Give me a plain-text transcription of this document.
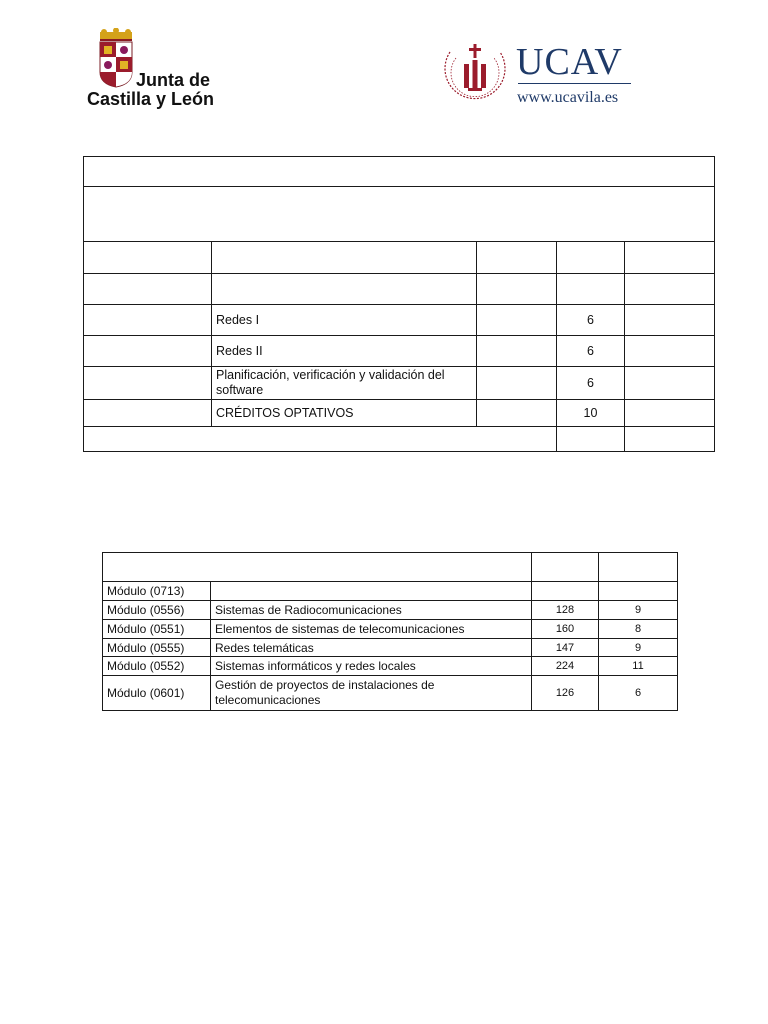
Junta de
Castilla y León
UCAV
www.ucavila.es

	Redes I		6	
	Redes II		6	
	Planificación, verificación y validación del software		6	
	CRÉDITOS OPTATIVOS		10	

Módulo (0713)			
Módulo (0556)	Sistemas de Radiocomunicaciones	128	9
Módulo (0551)	Elementos de sistemas de telecomunicaciones	160	8
Módulo (0555)	Redes telemáticas	147	9
Módulo (0552)	Sistemas informáticos y redes locales	224	11
Módulo (0601)	Gestión de proyectos de instalaciones de telecomunicaciones	126	6
